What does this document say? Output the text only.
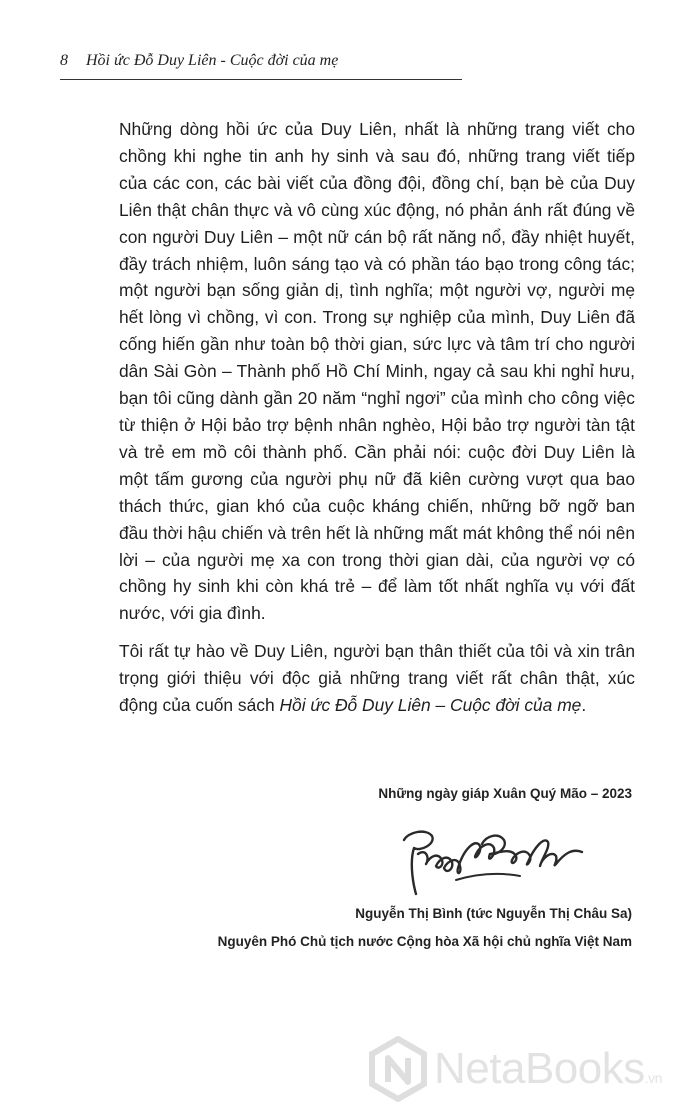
8 Hồi ức Đỗ Duy Liên - Cuộc đời của mẹ

Những dòng hồi ức của Duy Liên, nhất là những trang viết cho chồng khi nghe tin anh hy sinh và sau đó, những trang viết tiếp của các con, các bài viết của đồng đội, đồng chí, bạn bè của Duy Liên thật chân thực và vô cùng xúc động, nó phản ánh rất đúng về con người Duy Liên – một nữ cán bộ rất năng nổ, đầy nhiệt huyết, đầy trách nhiệm, luôn sáng tạo và có phần táo bạo trong công tác; một người bạn sống giản dị, tình nghĩa; một người vợ, người mẹ hết lòng vì chồng, vì con. Trong sự nghiệp của mình, Duy Liên đã cống hiến gần như toàn bộ thời gian, sức lực và tâm trí cho người dân Sài Gòn – Thành phố Hồ Chí Minh, ngay cả sau khi nghỉ hưu, bạn tôi cũng dành gần 20 năm “nghỉ ngơi” của mình cho công việc từ thiện ở Hội bảo trợ bệnh nhân nghèo, Hội bảo trợ người tàn tật và trẻ em mồ côi thành phố. Cần phải nói: cuộc đời Duy Liên là một tấm gương của người phụ nữ đã kiên cường vượt qua bao thách thức, gian khó của cuộc kháng chiến, những bỡ ngỡ ban đầu thời hậu chiến và trên hết là những mất mát không thể nói nên lời – của người mẹ xa con trong thời gian dài, của người vợ có chồng hy sinh khi còn khá trẻ – để làm tốt nhất nghĩa vụ với đất nước, với gia đình.

Tôi rất tự hào về Duy Liên, người bạn thân thiết của tôi và xin trân trọng giới thiệu với độc giả những trang viết rất chân thật, xúc động của cuốn sách Hồi ức Đỗ Duy Liên – Cuộc đời của mẹ.

Những ngày giáp Xuân Quý Mão – 2023
Nguyễn Thị Bình (tức Nguyễn Thị Châu Sa)
Nguyên Phó Chủ tịch nước Cộng hòa Xã hội chủ nghĩa Việt Nam
NetaBooks.vn
